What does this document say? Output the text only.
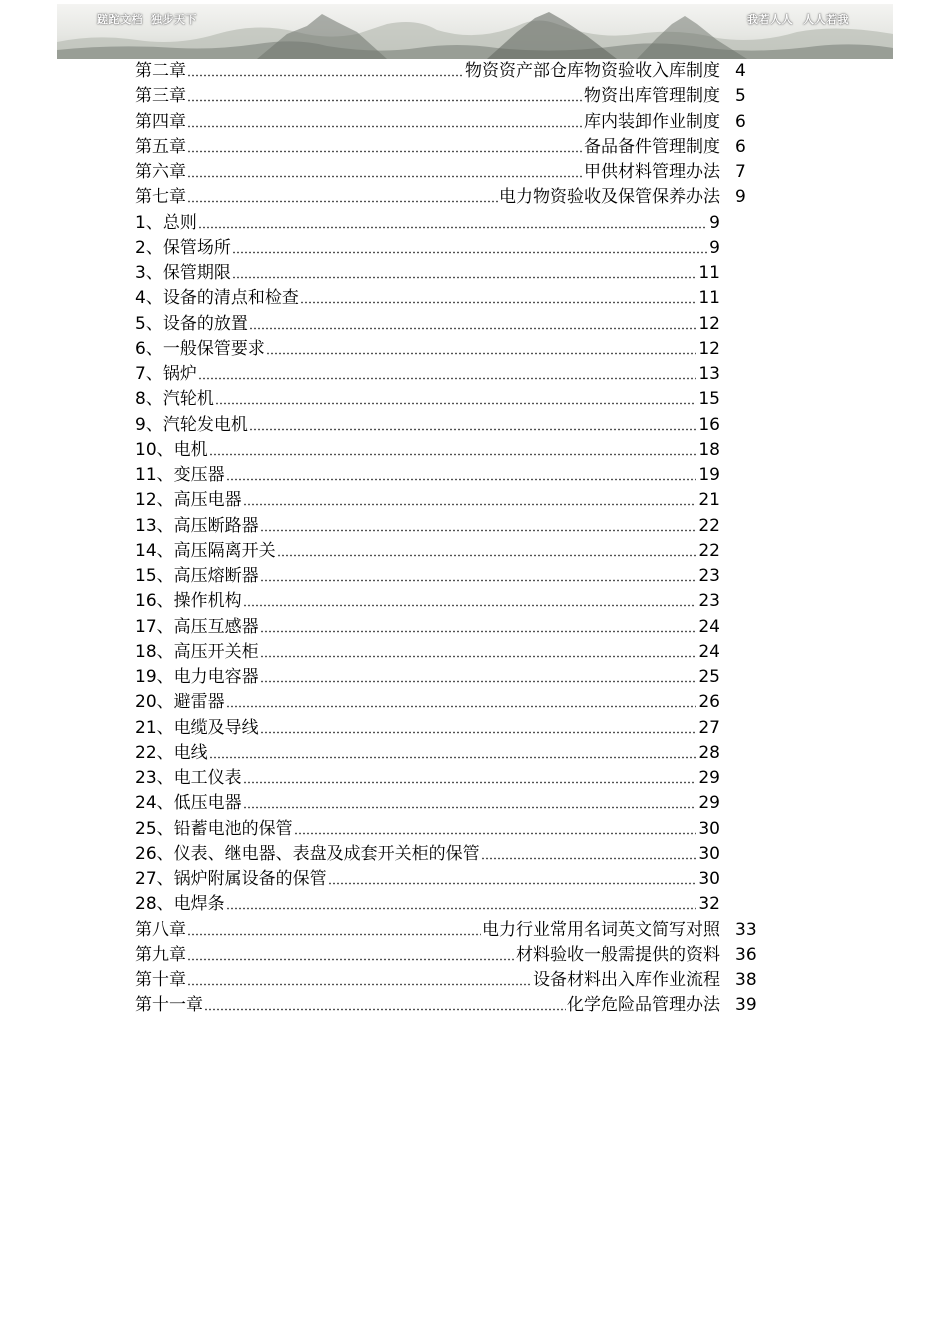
蹉跎文档 独步天下	我若人人 人人若我
第二章	物资资产部仓库物资验收入库制度 4
第三章	物资出库管理制度 5
第四章	库内装卸作业制度 6
第五章	备品备件管理制度 6
第六章	甲供材料管理办法 7
第七章	电力物资验收及保管保养办法 9
1、总则	9
2、保管场所	9
3、保管期限	11
4、设备的清点和检查	11
5、设备的放置	12
6、一般保管要求	12
7、锅炉	13
8、汽轮机	15
9、汽轮发电机	16
10、电机	18
11、变压器	19
12、高压电器	21
13、高压断路器	22
14、高压隔离开关	22
15、高压熔断器	23
16、操作机构	23
17、高压互感器	24
18、高压开关柜	24
19、电力电容器	25
20、避雷器	26
21、电缆及导线	27
22、电线	28
23、电工仪表	29
24、低压电器	29
25、铅蓄电池的保管	30
26、仪表、继电器、表盘及成套开关柜的保管	30
27、锅炉附属设备的保管	30
28、电焊条	32
第八章	电力行业常用名词英文简写对照 33
第九章	材料验收一般需提供的资料 36
第十章	设备材料出入库作业流程 38
第十一章	化学危险品管理办法 39
